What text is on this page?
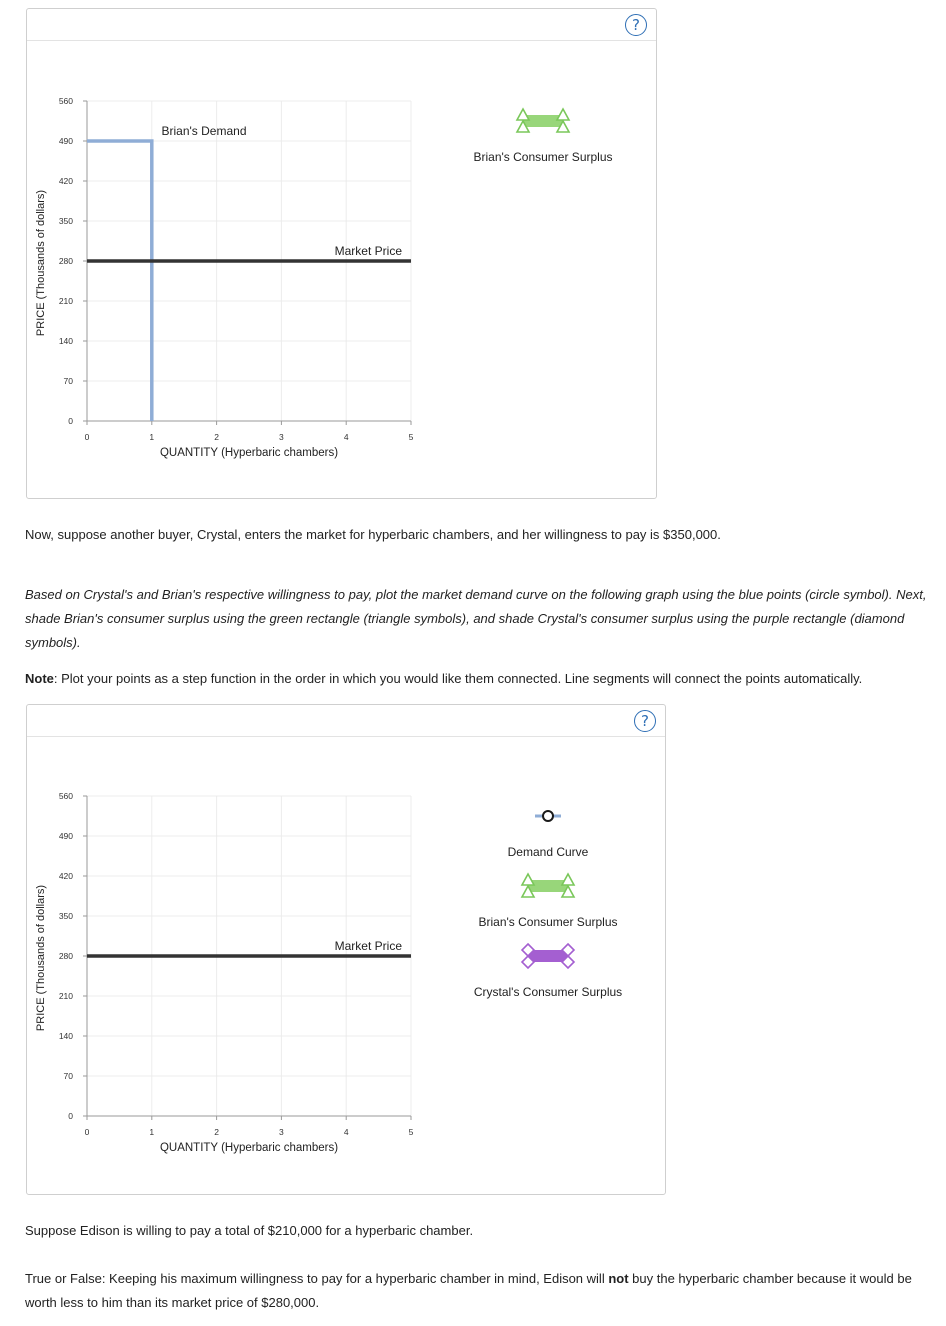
?
0
70
140
210
280
350
420
490
560
0	1	2	3	4	5
QUANTITY (Hyperbaric chambers)
PRICE (Thousands of dollars)
Brian's Demand
Market Price
Brian's Consumer Surplus

Now, suppose another buyer, Crystal, enters the market for hyperbaric chambers, and her willingness to pay is $350,000.

Based on Crystal's and Brian's respective willingness to pay, plot the market demand curve on the following graph using the blue points (circle symbol). Next, shade Brian's consumer surplus using the green rectangle (triangle symbols), and shade Crystal's consumer surplus using the purple rectangle (diamond symbols).

Note: Plot your points as a step function in the order in which you would like them connected. Line segments will connect the points automatically.

?
0
70
140
210
280
350
420
490
560
0	1	2	3	4	5
QUANTITY (Hyperbaric chambers)
PRICE (Thousands of dollars)	Market Price
Demand Curve
Brian's Consumer Surplus
Crystal's Consumer Surplus

Suppose Edison is willing to pay a total of $210,000 for a hyperbaric chamber.

True or False: Keeping his maximum willingness to pay for a hyperbaric chamber in mind, Edison will not buy the hyperbaric chamber because it would be worth less to him than its market price of $280,000.
